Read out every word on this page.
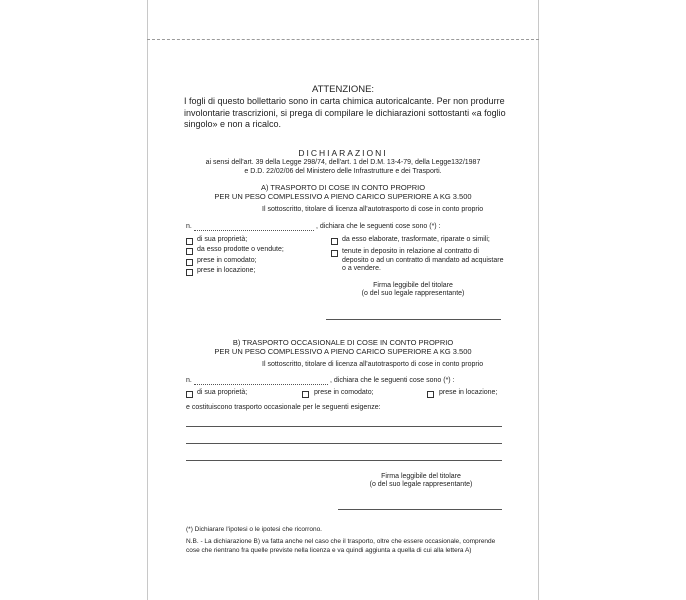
ATTENZIONE:
I fogli di questo bollettario sono in carta chimica autoricalcante. Per non produrre involontarie trascrizioni, si prega di compilare le dichiarazioni sottostanti «a foglio singolo» e non a ricalco.
DICHIARAZIONI
ai sensi dell'art. 39 della Legge 298/74, dell'art. 1 del D.M. 13-4-79, della Legge132/1987
e D.D. 22/02/06 del Ministero delle Infrastrutture e dei Trasporti.
A) TRASPORTO DI COSE IN CONTO PROPRIO
PER UN PESO COMPLESSIVO A PIENO CARICO SUPERIORE A KG 3.500
Il sottoscritto, titolare di licenza all'autotrasporto di cose in conto proprio
n.	, dichiara che le seguenti cose sono (*) :
di sua proprietà;
da esso prodotte o vendute;
prese in comodato;
prese in locazione;
da esso elaborate, trasformate, riparate o simili;
tenute in deposito in relazione al contratto di deposito o ad un contratto di mandato ad acquistare o a vendere.
Firma leggibile del titolare
(o del suo legale rappresentante)
B) TRASPORTO OCCASIONALE DI COSE IN CONTO PROPRIO
PER UN PESO COMPLESSIVO A PIENO CARICO SUPERIORE A KG 3.500
Il sottoscritto, titolare di licenza all'autotrasporto di cose in conto proprio
n.	, dichiara che le seguenti cose sono (*) :
di sua proprietà;	prese in comodato;	prese in locazione;
e costituiscono trasporto occasionale per le seguenti esigenze:
Firma leggibile del titolare
(o del suo legale rappresentante)
(*) Dichiarare l'ipotesi o le ipotesi che ricorrono.
N.B. - La dichiarazione B) va fatta anche nel caso che il trasporto, oltre che essere occasionale, comprende cose che rientrano fra quelle previste nella licenza e va quindi aggiunta a quella di cui alla lettera A)
